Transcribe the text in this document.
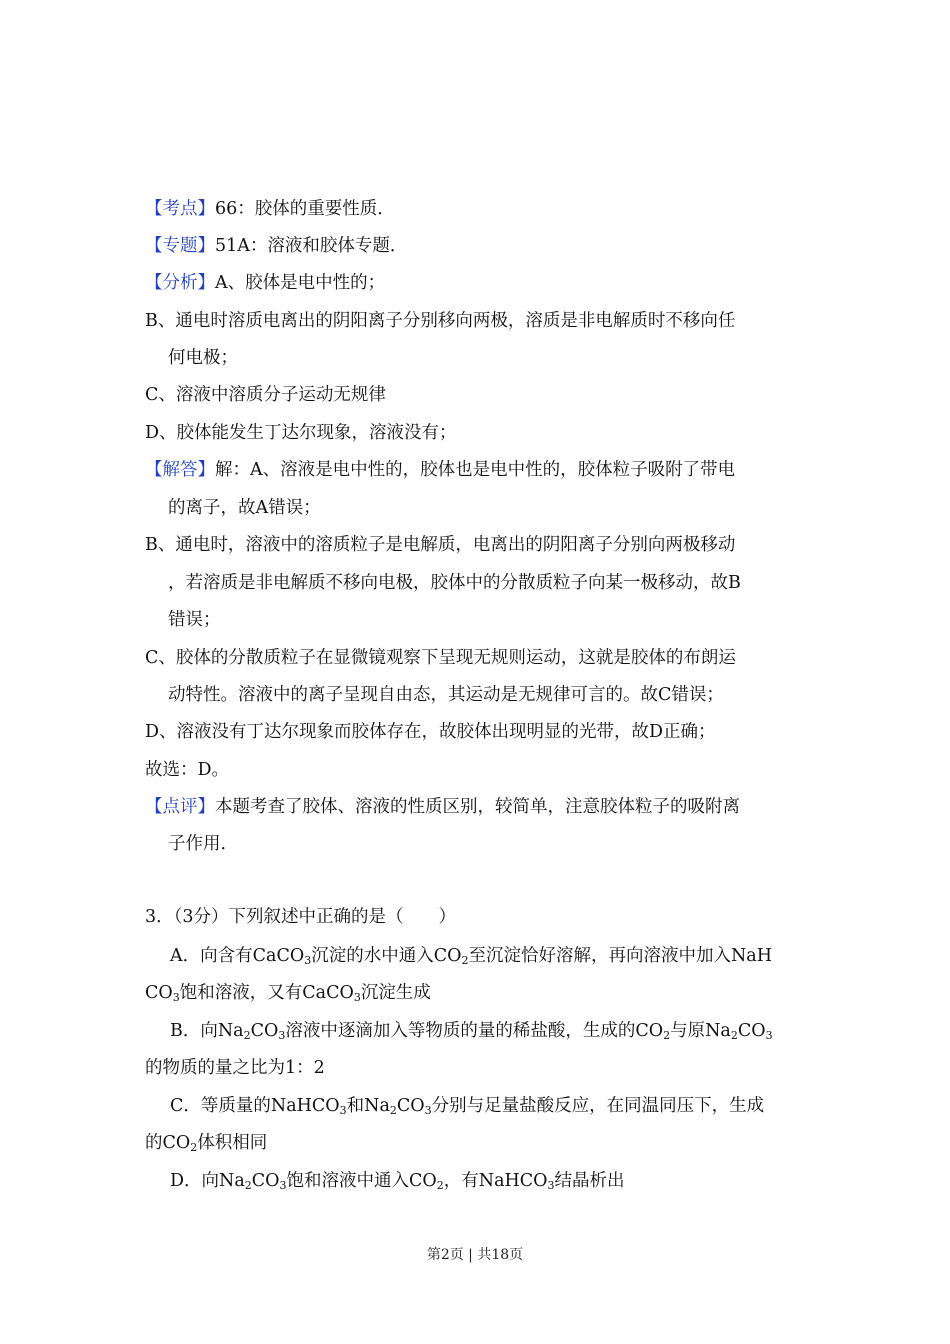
【考点】66：胶体的重要性质．
【专题】51A：溶液和胶体专题．
【分析】A、胶体是电中性的；
B、通电时溶质电离出的阴阳离子分别移向两极，溶质是非电解质时不移向任
何电极；
C、溶液中溶质分子运动无规律
D、胶体能发生丁达尔现象，溶液没有；
【解答】解：A、溶液是电中性的，胶体也是电中性的，胶体粒子吸附了带电
的离子，故A错误；
B、通电时，溶液中的溶质粒子是电解质，电离出的阴阳离子分别向两极移动
，若溶质是非电解质不移向电极，胶体中的分散质粒子向某一极移动，故B
错误；
C、胶体的分散质粒子在显微镜观察下呈现无规则运动，这就是胶体的布朗运
动特性。溶液中的离子呈现自由态，其运动是无规律可言的。故C错误；
D、溶液没有丁达尔现象而胶体存在，故胶体出现明显的光带，故D正确；
故选：D。
【点评】本题考查了胶体、溶液的性质区别，较简单，注意胶体粒子的吸附离
子作用．
3．（3分）下列叙述中正确的是（　　）
A．向含有CaCO$_3$沉淀的水中通入$CO_2$至沉淀恰好溶解，再向溶液中加入NaH
$CO_3$饱和溶液，又有CaCO$_3$沉淀生成
B．向$Na_2CO_3$溶液中逐滴加入等物质的量的稀盐酸，生成的$CO_2$与原$Na_2CO_3$
的物质的量之比为1：2
C．等质量的NaHCO$_3$和$Na_2CO_3$分别与足量盐酸反应，在同温同压下，生成
的$CO_2$体积相同
D．向$Na_2CO_3$饱和溶液中通入$CO_2$，有NaHCO$_3$结晶析出
第2页 | 共18页
